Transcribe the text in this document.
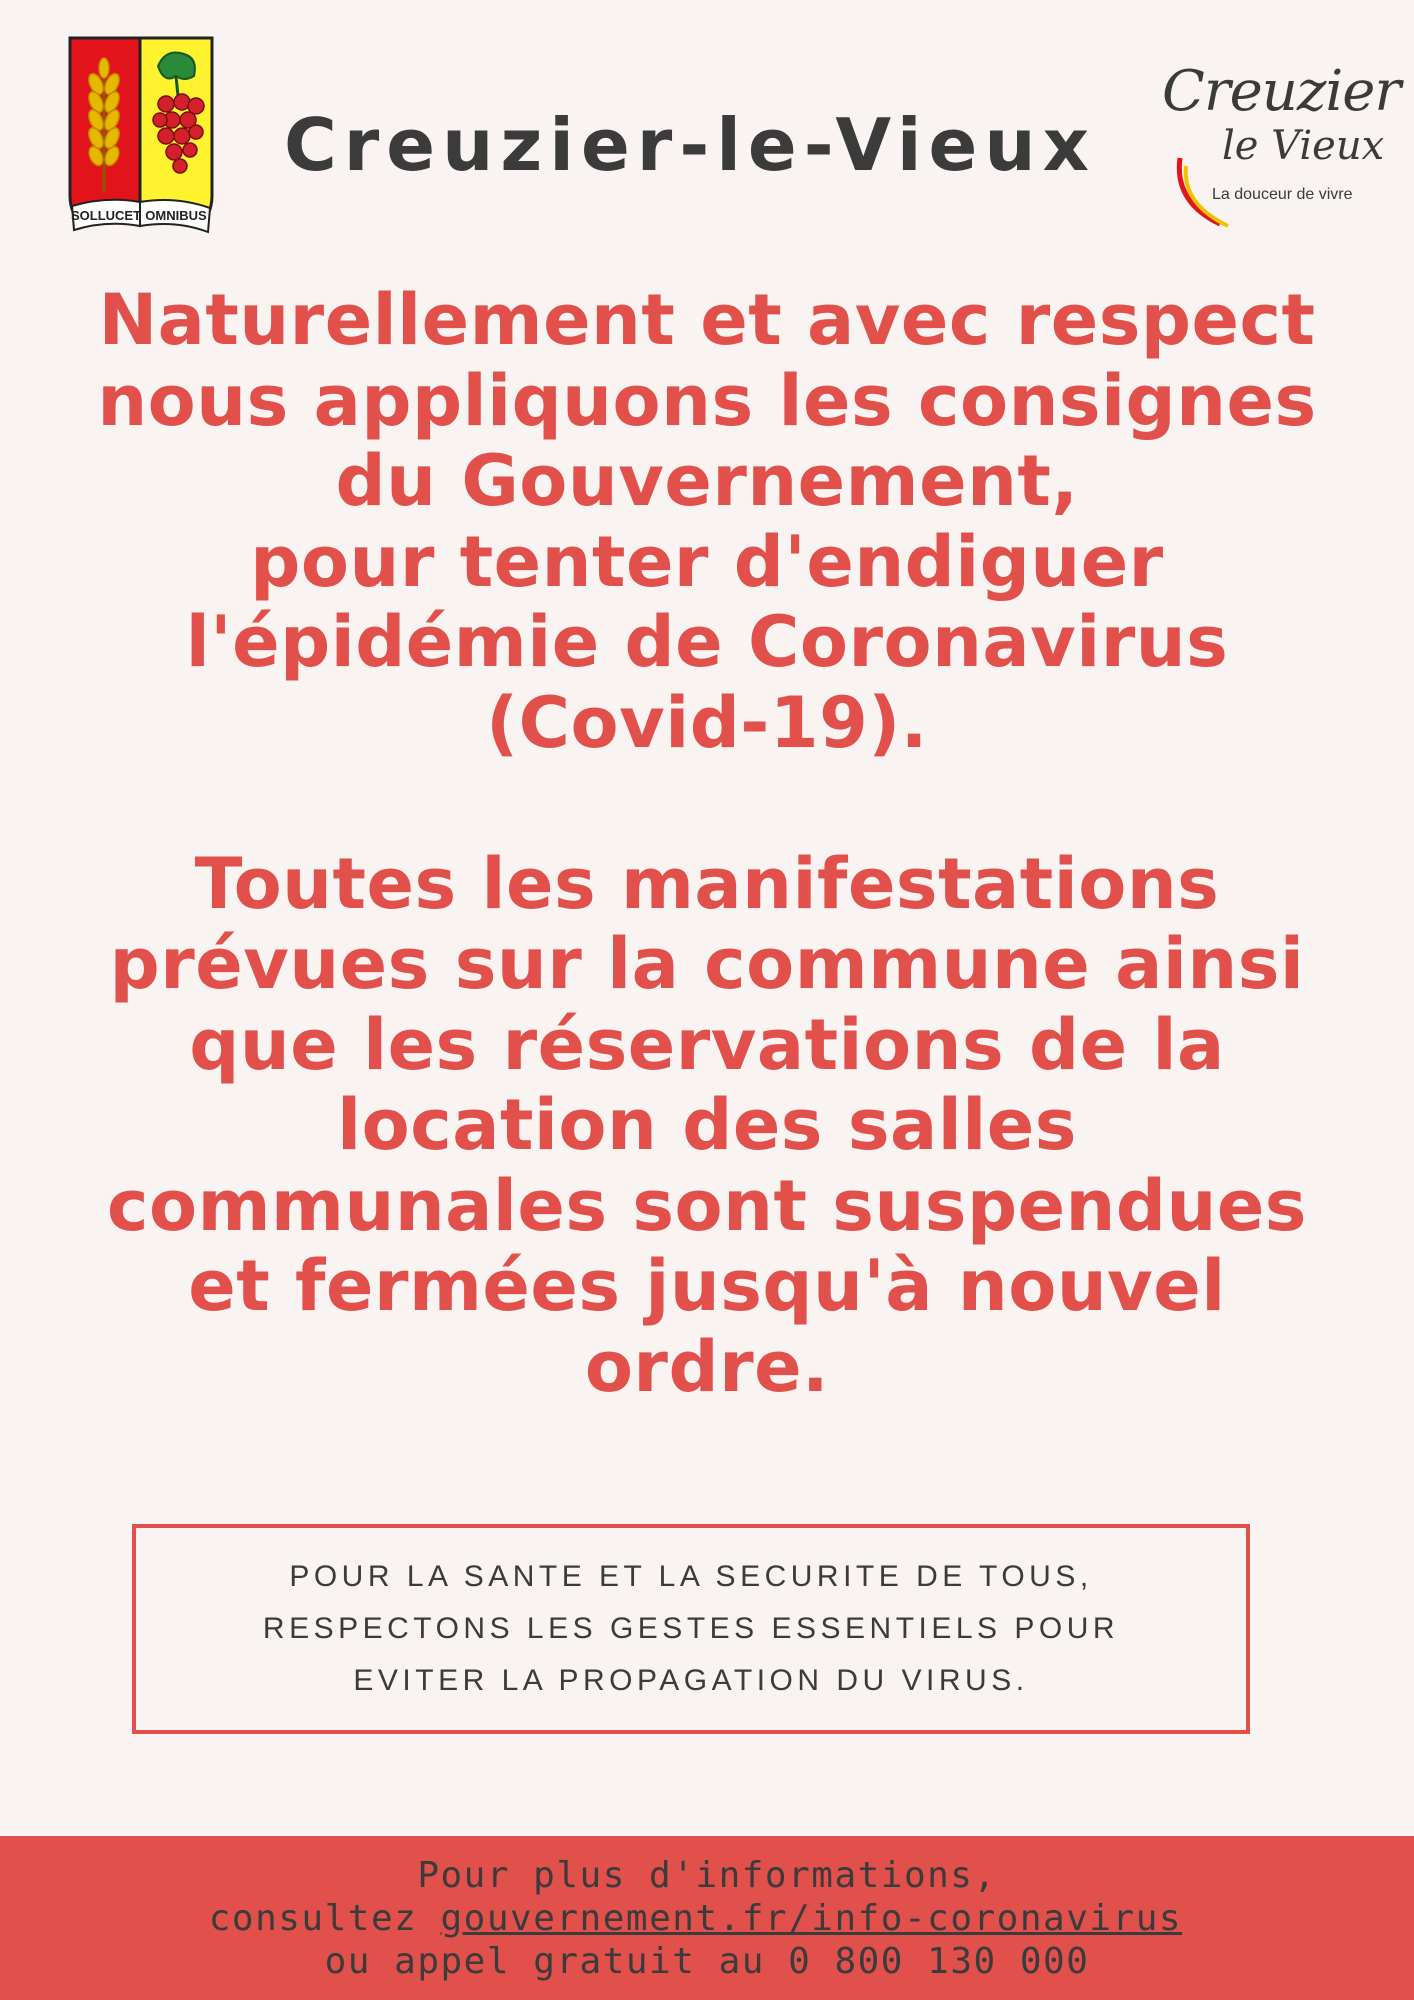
SOLLUCET OMNIBUS
Creuzier-le-Vieux
Creuzier
le Vieux
La douceur de vivre
Naturellement et avec respect
nous appliquons les consignes
du Gouvernement,
pour tenter d'endiguer
l'épidémie de Coronavirus
(Covid-19).
Toutes les manifestations
prévues sur la commune ainsi
que les réservations de la
location des salles
communales sont suspendues
et fermées jusqu'à nouvel
ordre.
POUR LA SANTE ET LA SECURITE DE TOUS,
RESPECTONS LES GESTES ESSENTIELS POUR
EVITER LA PROPAGATION DU VIRUS.
Pour plus d'informations,
consultez gouvernement.fr/info-coronavirus
ou appel gratuit au 0 800 130 000
